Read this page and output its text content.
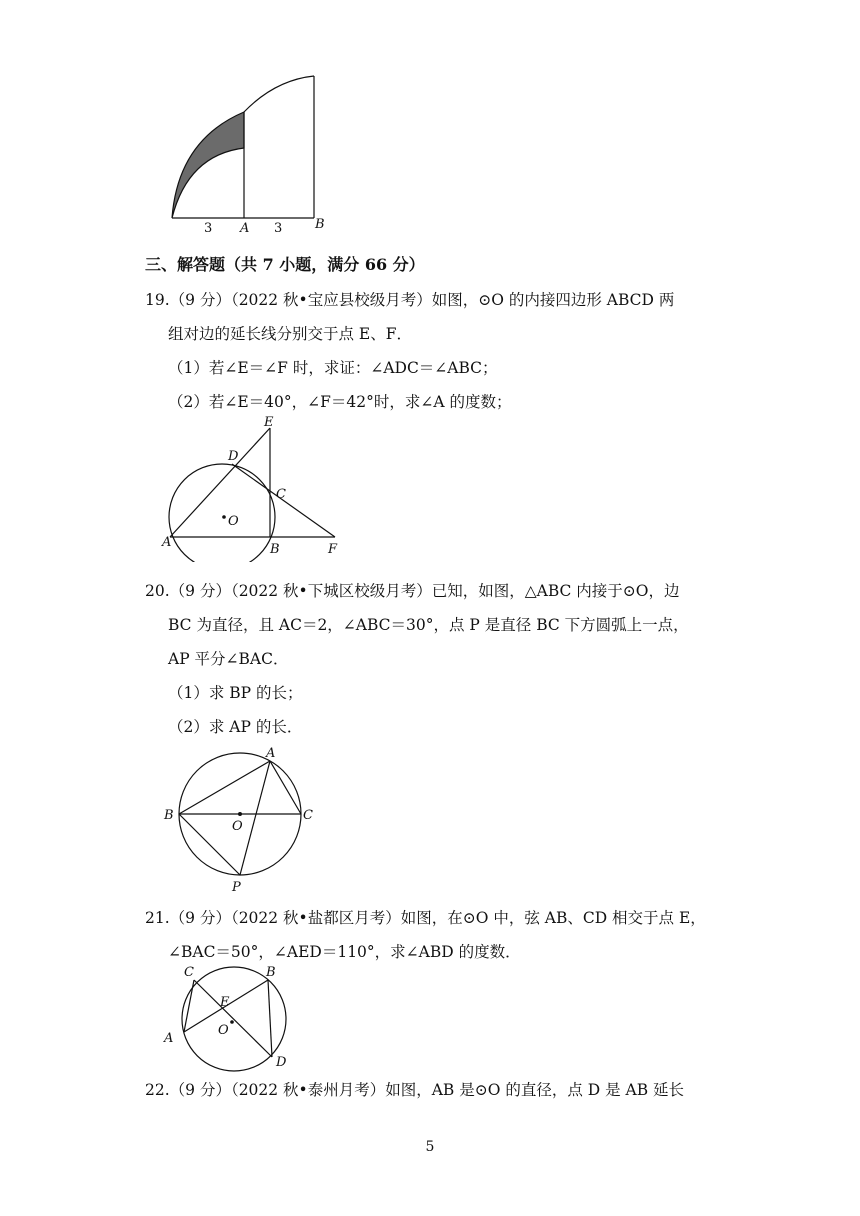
3 A 3	B
三、解答题（共 7 小题，满分 66 分）
19.（9 分）（2022 秋•宝应县校级月考）如图，⊙O 的内接四边形 ABCD 两
组对边的延长线分别交于点 E、F．
（1）若∠E＝∠F 时，求证：∠ADC＝∠ABC；
（2）若∠E＝40°，∠F＝42°时，求∠A 的度数；
E
D
C
O
A	B	F
20.（9 分）（2022 秋•下城区校级月考）已知，如图，△ABC 内接于⊙O，边
BC 为直径，且 AC＝2，∠ABC＝30°，点 P 是直径 BC 下方圆弧上一点，
AP 平分∠BAC．
（1）求 BP 的长；
（2）求 AP 的长．
A
B	C
O
P
21.（9 分）（2022 秋•盐都区月考）如图，在⊙O 中，弦 AB、CD 相交于点 E，
∠BAC＝50°，∠AED＝110°，求∠ABD 的度数．
C	B
E
A
O
D
22.（9 分）（2022 秋•泰州月考）如图，AB 是⊙O 的直径，点 D 是 AB 延长
5
